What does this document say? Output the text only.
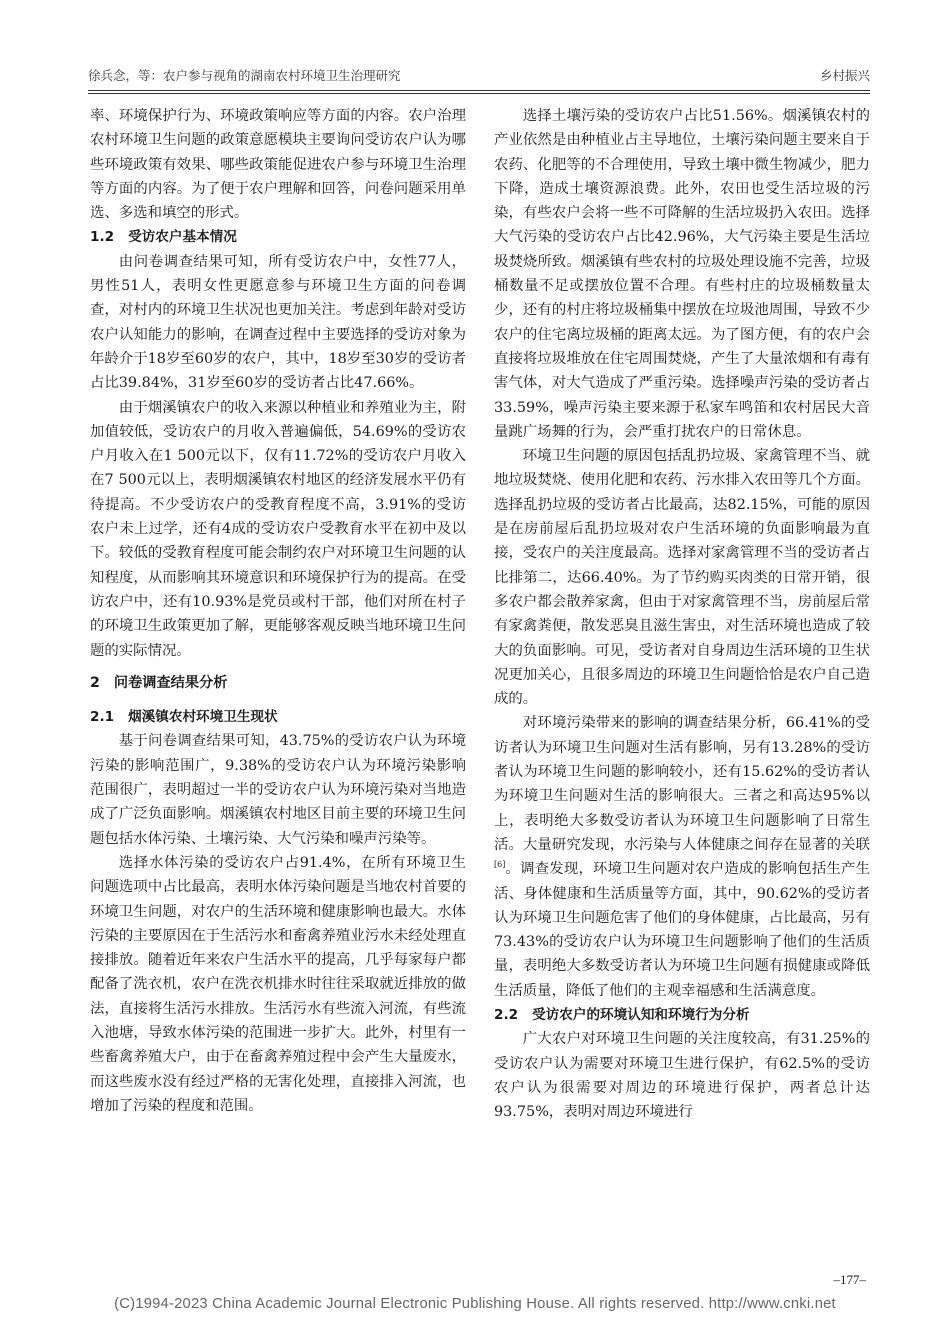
徐兵念，等：农户参与视角的湖南农村环境卫生治理研究	乡村振兴

率、环境保护行为、环境政策响应等方面的内容。农户治理农村环境卫生问题的政策意愿模块主要询问受访农户认为哪些环境政策有效果、哪些政策能促进农户参与环境卫生治理等方面的内容。为了便于农户理解和回答，问卷问题采用单选、多选和填空的形式。

1.2 受访农户基本情况

由问卷调查结果可知，所有受访农户中，女性77人，男性51人，表明女性更愿意参与环境卫生方面的问卷调查，对村内的环境卫生状况也更加关注。考虑到年龄对受访农户认知能力的影响，在调查过程中主要选择的受访对象为年龄介于18岁至60岁的农户，其中，18岁至30岁的受访者占比39.84%，31岁至60岁的受访者占比47.66%。

由于烟溪镇农户的收入来源以种植业和养殖业为主，附加值较低，受访农户的月收入普遍偏低，54.69%的受访农户月收入在1 500元以下，仅有11.72%的受访农户月收入在7 500元以上，表明烟溪镇农村地区的经济发展水平仍有待提高。不少受访农户的受教育程度不高，3.91%的受访农户未上过学，还有4成的受访农户受教育水平在初中及以下。较低的受教育程度可能会制约农户对环境卫生问题的认知程度，从而影响其环境意识和环境保护行为的提高。在受访农户中，还有10.93%是党员或村干部，他们对所在村子的环境卫生政策更加了解，更能够客观反映当地环境卫生问题的实际情况。

2 问卷调查结果分析
2.1 烟溪镇农村环境卫生现状

基于问卷调查结果可知，43.75%的受访农户认为环境污染的影响范围广，9.38%的受访农户认为环境污染影响范围很广，表明超过一半的受访农户认为环境污染对当地造成了广泛负面影响。烟溪镇农村地区目前主要的环境卫生问题包括水体污染、土壤污染、大气污染和噪声污染等。

选择水体污染的受访农户占91.4%，在所有环境卫生问题选项中占比最高，表明水体污染问题是当地农村首要的环境卫生问题，对农户的生活环境和健康影响也最大。水体污染的主要原因在于生活污水和畜禽养殖业污水未经处理直接排放。随着近年来农户生活水平的提高，几乎每家每户都配备了洗衣机，农户在洗衣机排水时往往采取就近排放的做法，直接将生活污水排放。生活污水有些流入河流，有些流入池塘，导致水体污染的范围进一步扩大。此外，村里有一些畜禽养殖大户，由于在畜禽养殖过程中会产生大量废水，而这些废水没有经过严格的无害化处理，直接排入河流，也增加了污染的程度和范围。

选择土壤污染的受访农户占比51.56%。烟溪镇农村的产业依然是由种植业占主导地位，土壤污染问题主要来自于农药、化肥等的不合理使用，导致土壤中微生物减少，肥力下降，造成土壤资源浪费。此外，农田也受生活垃圾的污染，有些农户会将一些不可降解的生活垃圾扔入农田。选择大气污染的受访农户占比42.96%，大气污染主要是生活垃圾焚烧所致。烟溪镇有些农村的垃圾处理设施不完善，垃圾桶数量不足或摆放位置不合理。有些村庄的垃圾桶数量太少，还有的村庄将垃圾桶集中摆放在垃圾池周围，导致不少农户的住宅离垃圾桶的距离太远。为了图方便，有的农户会直接将垃圾堆放在住宅周围焚烧，产生了大量浓烟和有毒有害气体，对大气造成了严重污染。选择噪声污染的受访者占33.59%，噪声污染主要来源于私家车鸣笛和农村居民大音量跳广场舞的行为，会严重打扰农户的日常休息。

环境卫生问题的原因包括乱扔垃圾、家禽管理不当、就地垃圾焚烧、使用化肥和农药、污水排入农田等几个方面。选择乱扔垃圾的受访者占比最高，达82.15%，可能的原因是在房前屋后乱扔垃圾对农户生活环境的负面影响最为直接，受农户的关注度最高。选择对家禽管理不当的受访者占比排第二，达66.40%。为了节约购买肉类的日常开销，很多农户都会散养家禽，但由于对家禽管理不当，房前屋后常有家禽粪便，散发恶臭且滋生害虫，对生活环境也造成了较大的负面影响。可见，受访者对自身周边生活环境的卫生状况更加关心，且很多周边的环境卫生问题恰恰是农户自己造成的。

对环境污染带来的影响的调查结果分析，66.41%的受访者认为环境卫生问题对生活有影响，另有13.28%的受访者认为环境卫生问题的影响较小，还有15.62%的受访者认为环境卫生问题对生活的影响很大。三者之和高达95%以上，表明绝大多数受访者认为环境卫生问题影响了日常生活。大量研究发现，水污染与人体健康之间存在显著的关联[6]。调查发现，环境卫生问题对农户造成的影响包括生产生活、身体健康和生活质量等方面，其中，90.62%的受访者认为环境卫生问题危害了他们的身体健康，占比最高，另有73.43%的受访农户认为环境卫生问题影响了他们的生活质量，表明绝大多数受访者认为环境卫生问题有损健康或降低生活质量，降低了他们的主观幸福感和生活满意度。

2.2 受访农户的环境认知和环境行为分析

广大农户对环境卫生问题的关注度较高，有31.25%的受访农户认为需要对环境卫生进行保护，有62.5%的受访农户认为很需要对周边的环境进行保护，两者总计达93.75%，表明对周边环境进行

–177–
(C)1994-2023 China Academic Journal Electronic Publishing House. All rights reserved. http://www.cnki.net
